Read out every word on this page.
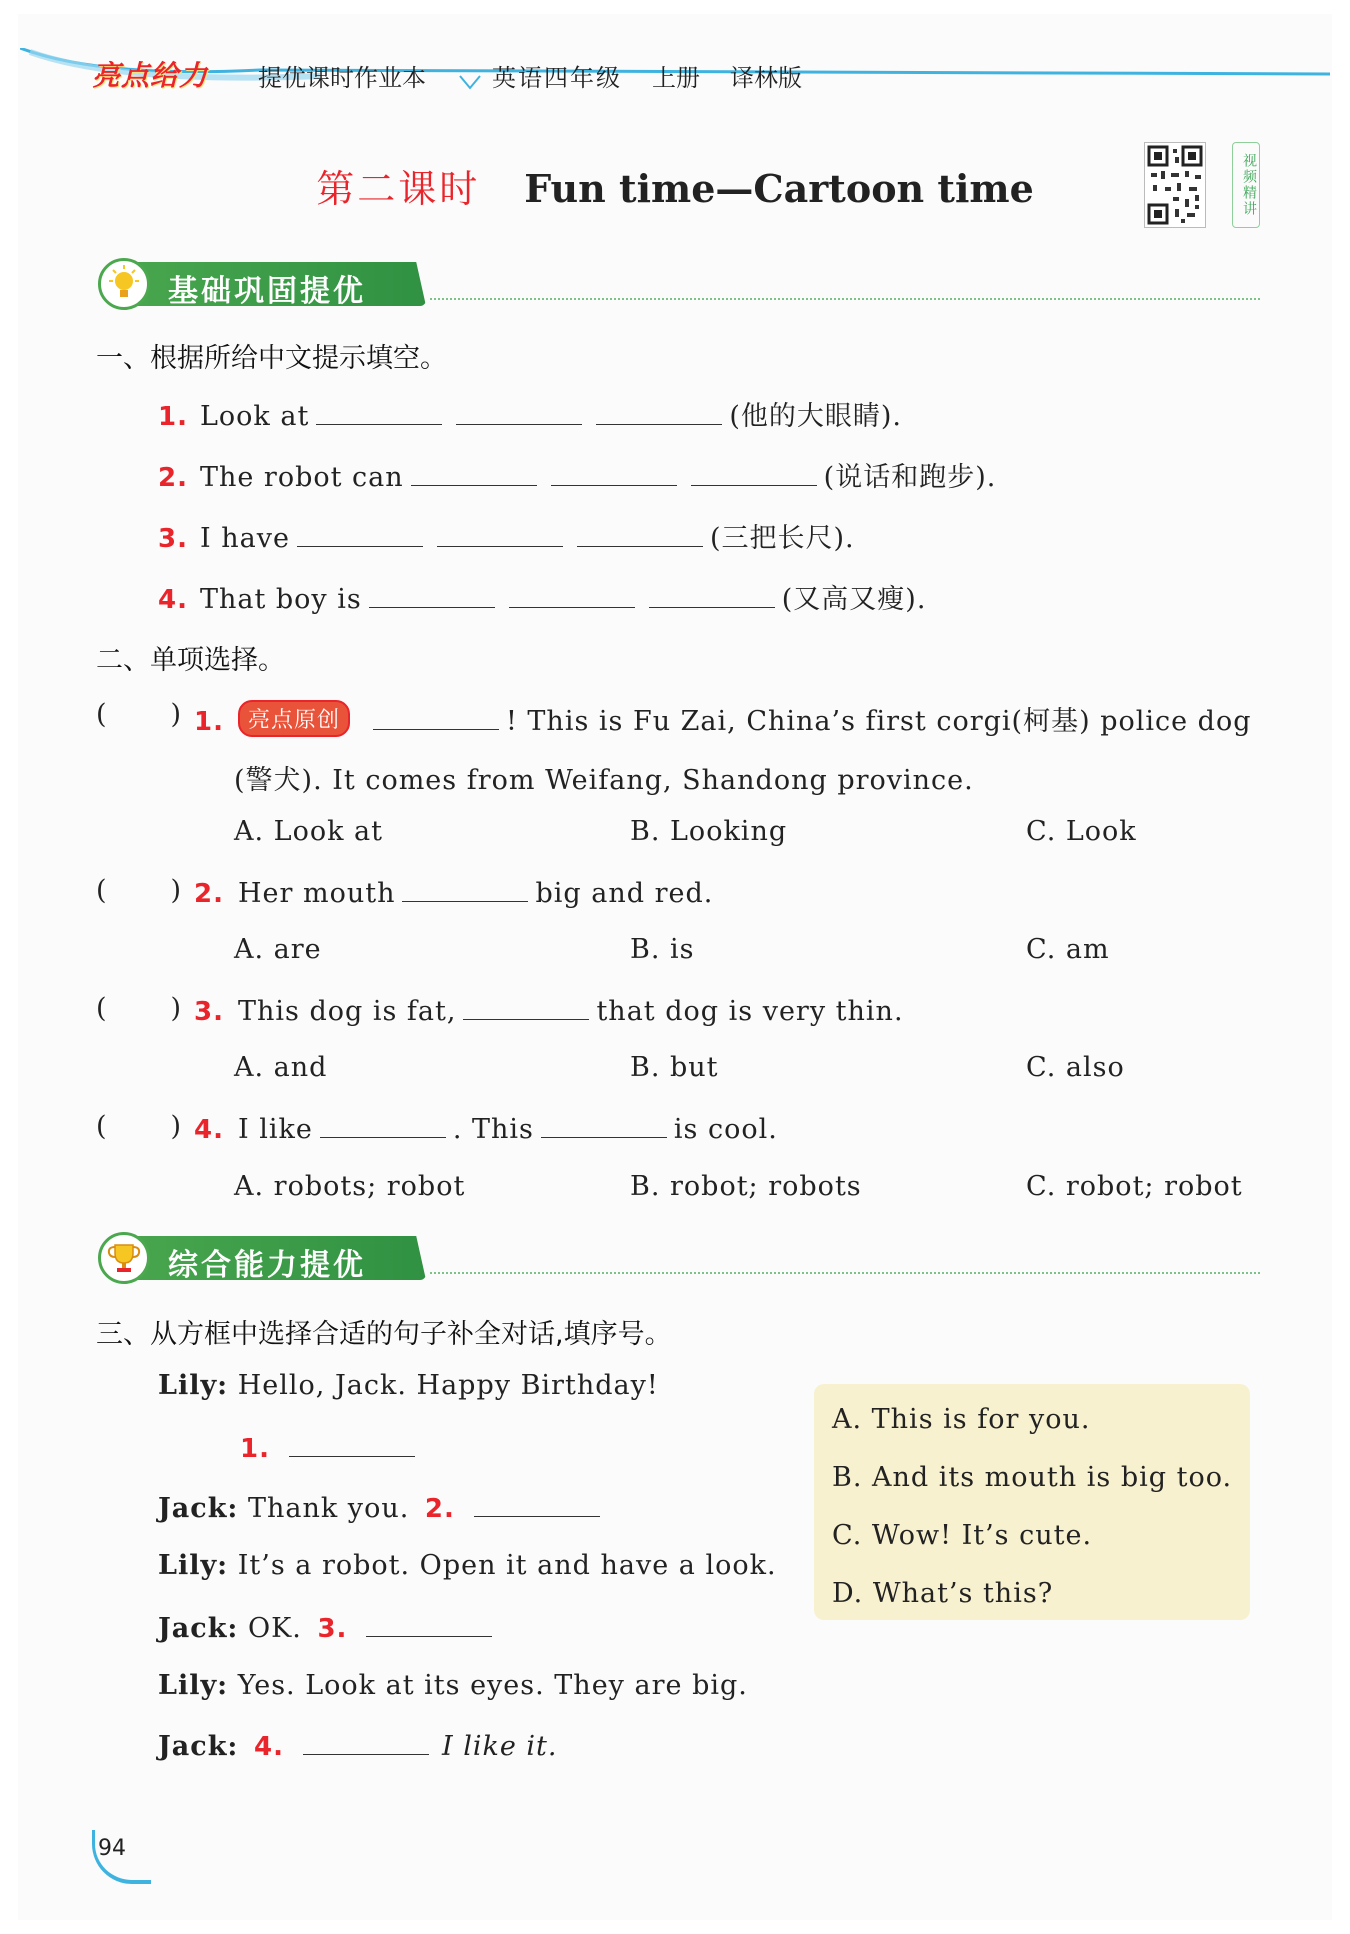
亮点给力 提优课时作业本	英语四年级 上册 译林版
第二课时 Fun time—Cartoon time	视频精讲
基础巩固提优
一、根据所给中文提示填空。
1. Look at	(他的大眼睛).
2. The robot can	(说话和跑步).
3. I have	(三把长尺).
4. That boy is	(又高又瘦).
二、单项选择。
( ) 1. 亮点原创	! This is Fu Zai, China’s first corgi(柯基) police dog
(警犬). It comes from Weifang, Shandong province.
A. Look at	B. Looking	C. Look
( ) 2. Her mouth	big and red.
A. are	B. is	C. am
( ) 3. This dog is fat,	that dog is very thin.
A. and	B. but	C. also
( ) 4. I like	. This	is cool.
A. robots; robot	B. robot; robots	C. robot; robot
综合能力提优
三、从方框中选择合适的句子补全对话,填序号。
Lily: Hello, Jack. Happy Birthday!
1.
Jack: Thank you. 2.
Lily: It’s a robot. Open it and have a look.
Jack: OK. 3.
Lily: Yes. Look at its eyes. They are big.
Jack: 4.	I like it.
A. This is for you.
B. And its mouth is big too.
C. Wow! It’s cute.
D. What’s this?
94
